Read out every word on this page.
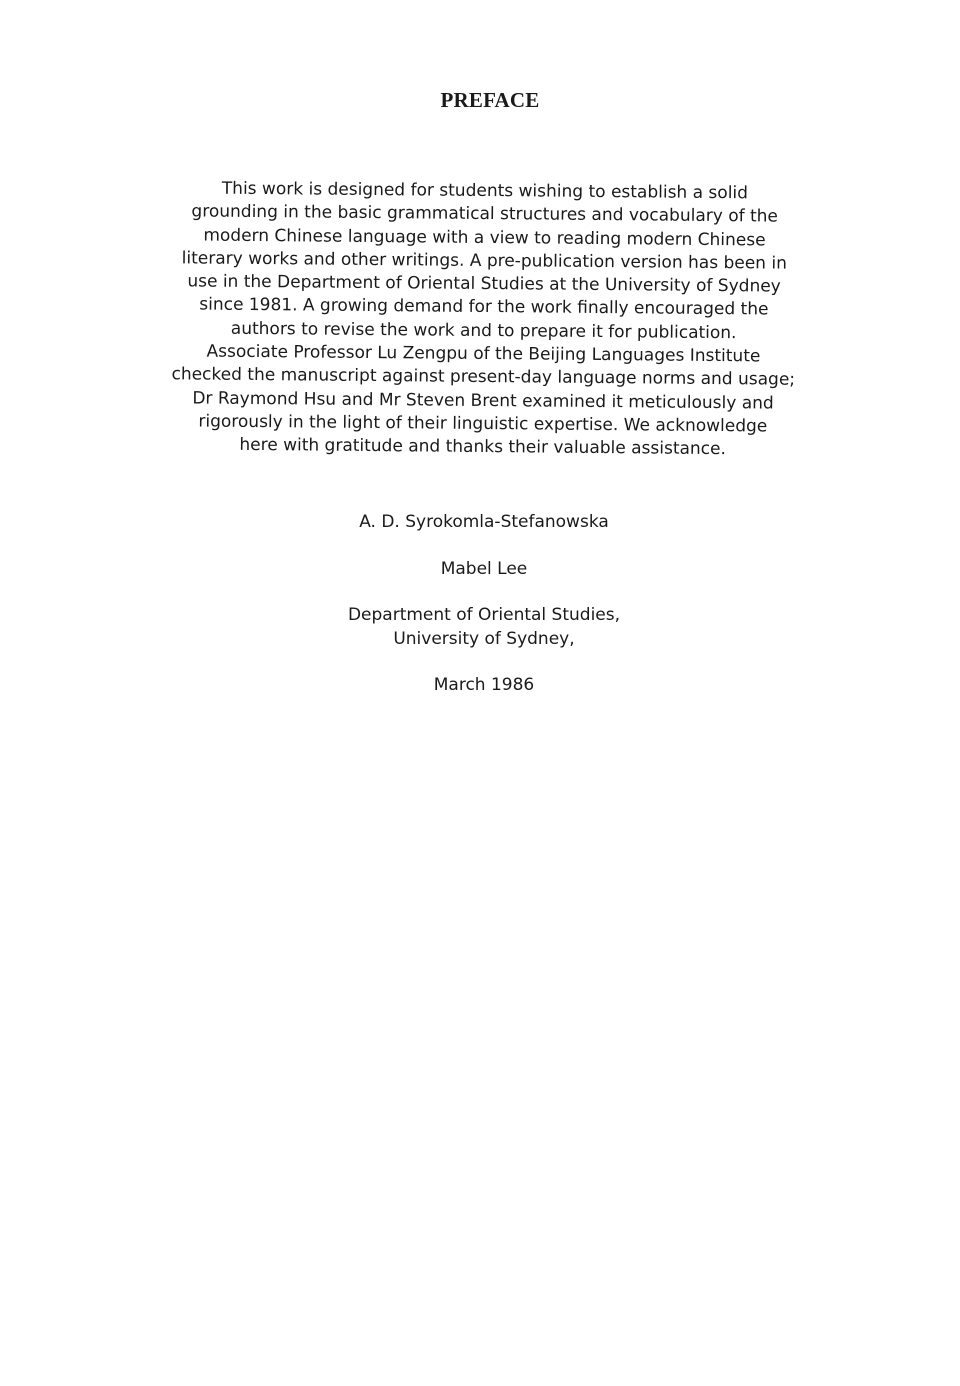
PREFACE

This work is designed for students wishing to establish a solid
grounding in the basic grammatical structures and vocabulary of the
modern Chinese language with a view to reading modern Chinese
literary works and other writings. A pre-publication version has been in
use in the Department of Oriental Studies at the University of Sydney
since 1981. A growing demand for the work finally encouraged the
authors to revise the work and to prepare it for publication.
Associate Professor Lu Zengpu of the Beijing Languages Institute
checked the manuscript against present-day language norms and usage;
Dr Raymond Hsu and Mr Steven Brent examined it meticulously and
rigorously in the light of their linguistic expertise. We acknowledge
here with gratitude and thanks their valuable assistance.

A. D. Syrokomla-Stefanowska

Mabel Lee

Department of Oriental Studies,
University of Sydney,

March 1986
